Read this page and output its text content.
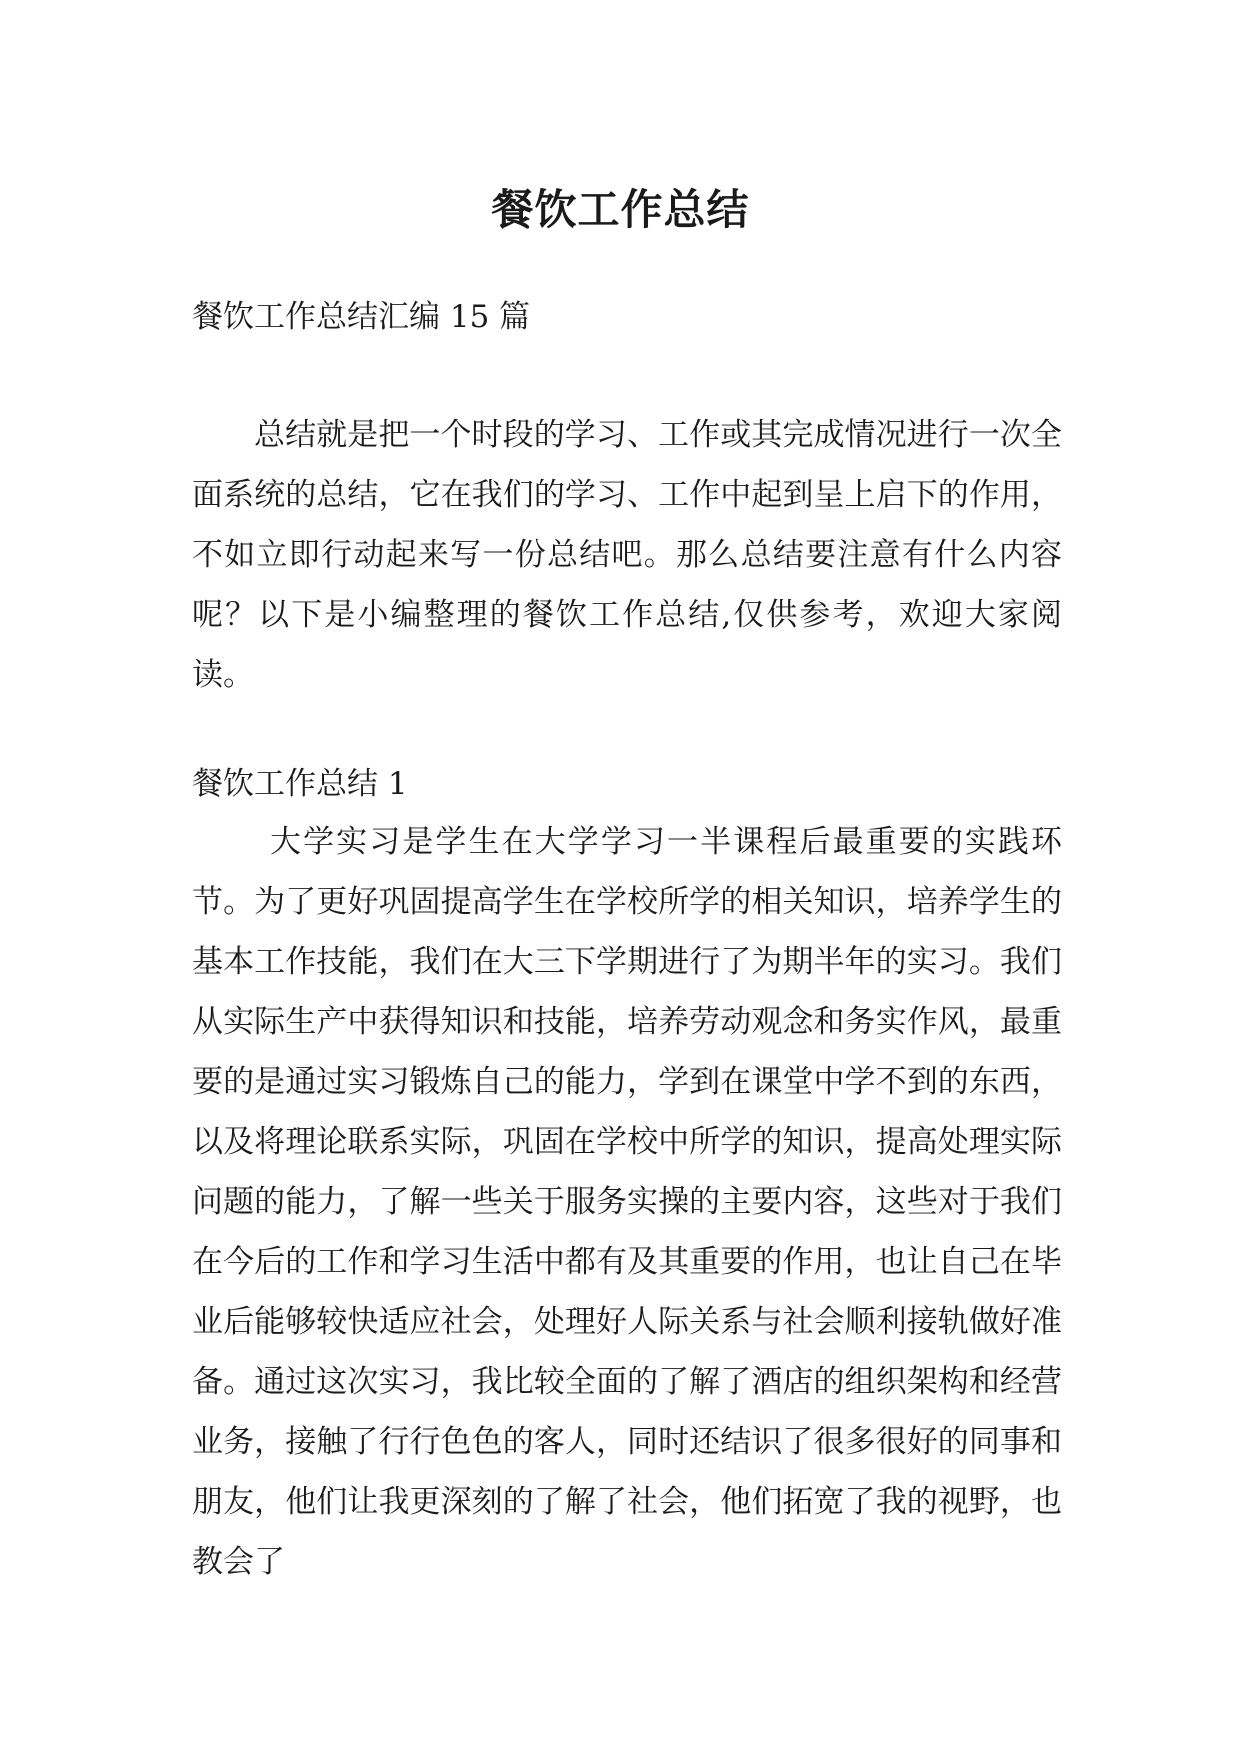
餐饮工作总结

餐饮工作总结汇编 15 篇

总结就是把一个时段的学习、工作或其完成情况进行一次全面系统的总结，它在我们的学习、工作中起到呈上启下的作用，不如立即行动起来写一份总结吧。那么总结要注意有什么内容呢？以下是小编整理的餐饮工作总结,仅供参考，欢迎大家阅读。

餐饮工作总结 1

大学实习是学生在大学学习一半课程后最重要的实践环节。为了更好巩固提高学生在学校所学的相关知识，培养学生的基本工作技能，我们在大三下学期进行了为期半年的实习。我们从实际生产中获得知识和技能，培养劳动观念和务实作风，最重要的是通过实习锻炼自己的能力，学到在课堂中学不到的东西，以及将理论联系实际，巩固在学校中所学的知识，提高处理实际问题的能力，了解一些关于服务实操的主要内容，这些对于我们在今后的工作和学习生活中都有及其重要的作用，也让自己在毕业后能够较快适应社会，处理好人际关系与社会顺利接轨做好准备。通过这次实习，我比较全面的了解了酒店的组织架构和经营业务，接触了行行色色的客人，同时还结识了很多很好的同事和朋友，他们让我更深刻的了解了社会，他们拓宽了我的视野，也教会了
